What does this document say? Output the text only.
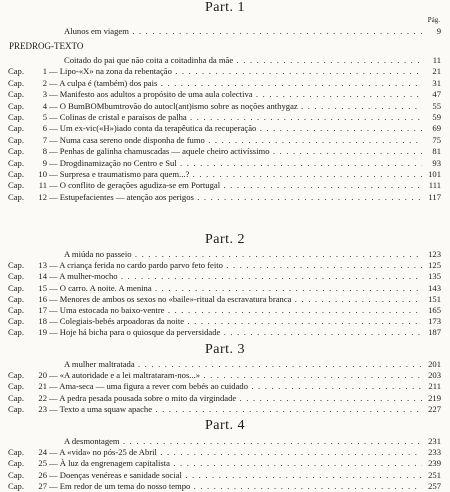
Part. 1
Pág.
Alunos em viagem . . .	9
PREDROG-TEXTO
Coitado do pai que não coita a coitadinha da mãe . . .	11
Cap.	1 — Lipo-«X» na zona da rebentação . . .	21
Cap.	2 — A culpa é (também) dos pais . . .	31
Cap.	3 — Manifesto aos adultos a propósito de uma aula colectiva . . .	47
Cap.	4 — O BumBOMbumtrovão do autocl(ant)ismo sobre as noções anthygaz . . .	55
Cap.	5 — Colinas de cristal e paraísos de palha . . .	59
Cap.	6 — Um ex-vic(«H»)iado conta da terapêutica da recuperação . . .	69
Cap.	7 — Numa casa sereno onde disponha de fumo . . .	75
Cap.	8 — Penhas de galinha chamuscadas — aquele cheiro activíssimo . . .	81
Cap.	9 — Drogdinamização no Centro e Sul . . .	93
Cap.	10 — Surpresa e traumatismo para quem...? . . .	101
Cap.	11 — O conflito de gerações agudiza-se em Portugal . . .	111
Cap.	12 — Estupefacientes — atenção aos perigos . . .	117
Part. 2
A miúda no passeio . . .	123
Cap.	13 — A criança ferida no cardo pardo parvo feto feito . . .	125
Cap.	14 — A mulher-mocho . . .	135
Cap.	15 — O carro. A noite. A menina . . .	143
Cap.	16 — Menores de ambos os sexos no «baile»-ritual da escravatura branca . . .	151
Cap.	17 — Uma estocada no baixo-ventre . . .	165
Cap.	18 — Colegiais-bebés arpoadoras da noite . . .	173
Cap.	19 — Hoje há bicha para o quiosque da perversidade . . .	187
Part. 3
A mulher maltratada . . .	201
Cap.	20 — «A autoridade e a lei maltrataram-nos...» . . .	203
Cap.	21 — Ama-seca — uma figura a rever com bebés ao cuidado . . .	211
Cap.	22 — A pedra pesada pousada sobre o mito da virgindade . . .	219
Cap.	23 — Texto a uma squaw apache . . .	227
Part. 4
A desmontagem . . .	231
Cap.	24 — A «vida» no pós-25 de Abril . . .	233
Cap.	25 — À luz da engrenagem capitalista . . .	239
Cap.	26 — Doenças venéreas e sanidade social . . .	251
Cap.	27 — Em redor de um tema do nosso tempo . . .	257
